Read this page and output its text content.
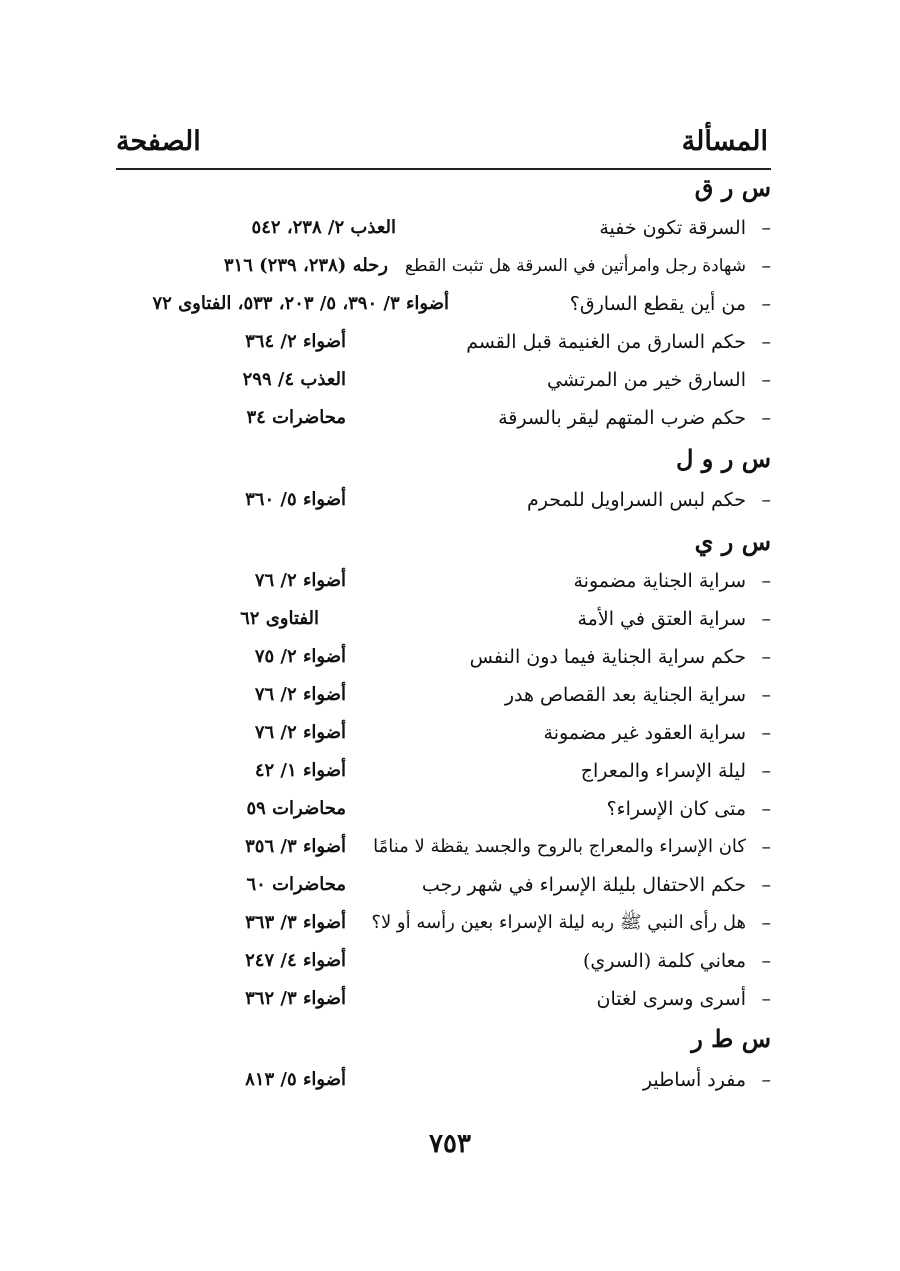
المسألة
الصفحة
س ر ق
–
السرقة تكون خفية
العذب ٢/ ٢٣٨، ٥٤٢
–
شهادة رجل وامرأتين في السرقة هل تثبت القطع
رحله (٢٣٨، ٢٣٩) ٣١٦
–
من أين يقطع السارق؟
أضواء ٣/ ٣٩٠، ٥/ ٢٠٣، ٥٣٣، الفتاوى ٧٢
–
حكم السارق من الغنيمة قبل القسم
أضواء ٢/ ٣٦٤
–
السارق خير من المرتشي
العذب ٤/ ٢٩٩
–
حكم ضرب المتهم ليقر بالسرقة
محاضرات ٣٤
س ر و ل
–
حكم لبس السراويل للمحرم
أضواء ٥/ ٣٦٠
س ر ي
–
سراية الجناية مضمونة
أضواء ٢/ ٧٦
–
سراية العتق في الأمة
الفتاوى ٦٢
–
حكم سراية الجناية فيما دون النفس
أضواء ٢/ ٧٥
–
سراية الجناية بعد القصاص هدر
أضواء ٢/ ٧٦
–
سراية العقود غير مضمونة
أضواء ٢/ ٧٦
–
ليلة الإسراء والمعراج
أضواء ١/ ٤٢
–
متى كان الإسراء؟
محاضرات ٥٩
–
كان الإسراء والمعراج بالروح والجسد يقظة لا منامًا
أضواء ٣/ ٣٥٦
–
حكم الاحتفال بليلة الإسراء في شهر رجب
محاضرات ٦٠
–
هل رأى النبي ﷺ ربه ليلة الإسراء بعين رأسه أو لا؟
أضواء ٣/ ٣٦٣
–
معاني كلمة (السري)
أضواء ٤/ ٢٤٧
–
أسرى وسرى لغتان
أضواء ٣/ ٣٦٢
س ط ر
–
مفرد أساطير
أضواء ٥/ ٨١٣
٧٥٣
